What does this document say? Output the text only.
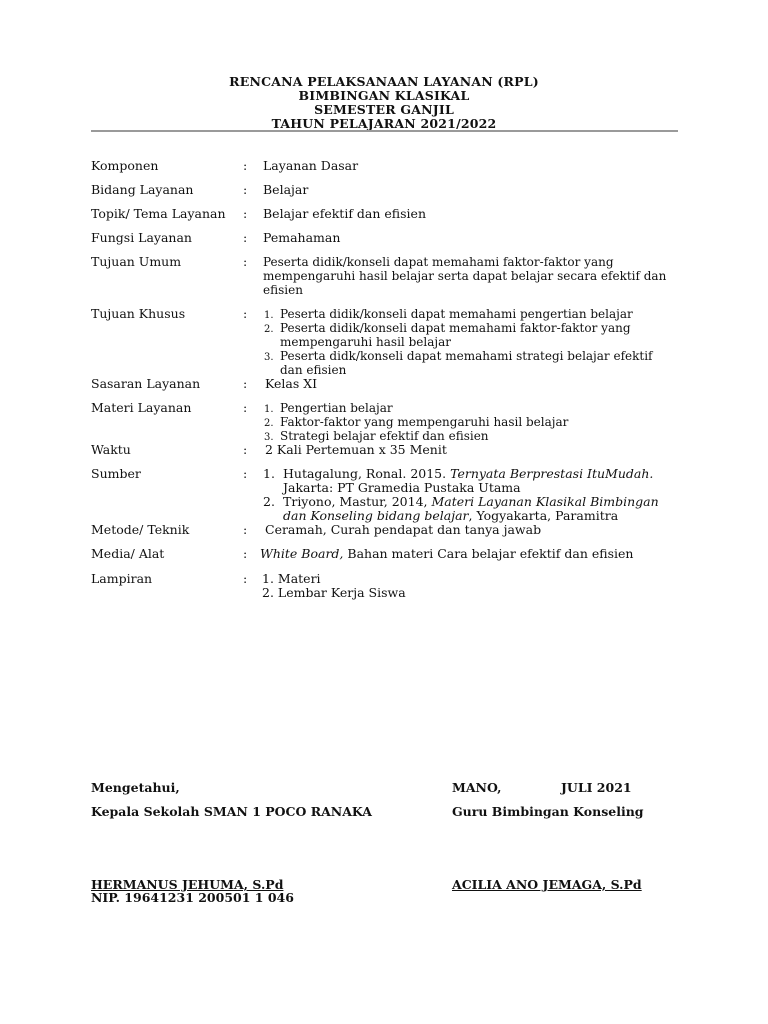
RENCANA PELAKSANAAN LAYANAN (RPL)
BIMBINGAN KLASIKAL
SEMESTER GANJIL
TAHUN PELAJARAN 2021/2022
Komponen	: Layanan Dasar
Bidang Layanan	: Belajar
Topik/ Tema Layanan : Belajar efektif dan efisien
Fungsi Layanan	: Pemahaman
Tujuan Umum	: Peserta didik/konseli dapat memahami faktor-faktor yang
mempengaruhi hasil belajar serta dapat belajar secara efektif dan
efisien
Tujuan Khusus	: 1. Peserta didik/konseli dapat memahami pengertian belajar
2. Peserta didik/konseli dapat memahami faktor-faktor yang
mempengaruhi hasil belajar
3. Peserta didk/konseli dapat memahami strategi belajar efektif
dan efisien
Sasaran Layanan	: Kelas XI
Materi Layanan	: 1. Pengertian belajar
2. Faktor-faktor yang mempengaruhi hasil belajar
3. Strategi belajar efektif dan efisien
Waktu	: 2 Kali Pertemuan x 35 Menit
Sumber	: 1. Hutagalung, Ronal. 2015. Ternyata Berprestasi ItuMudah.
Jakarta: PT Gramedia Pustaka Utama
2. Triyono, Mastur, 2014, Materi Layanan Klasikal Bimbingan
dan Konseling bidang belajar, Yogyakarta, Paramitra
Metode/ Teknik	: Ceramah, Curah pendapat dan tanya jawab
Media/ Alat	: White Board, Bahan materi Cara belajar efektif dan efisien
Lampiran	: 1. Materi
2. Lembar Kerja Siswa
Mengetahui,	MANO,	JULI 2021
Kepala Sekolah SMAN 1 POCO RANAKA	Guru Bimbingan Konseling
HERMANUS JEHUMA, S.Pd	ACILIA ANO JEMAGA, S.Pd
NIP. 19641231 200501 1 046
